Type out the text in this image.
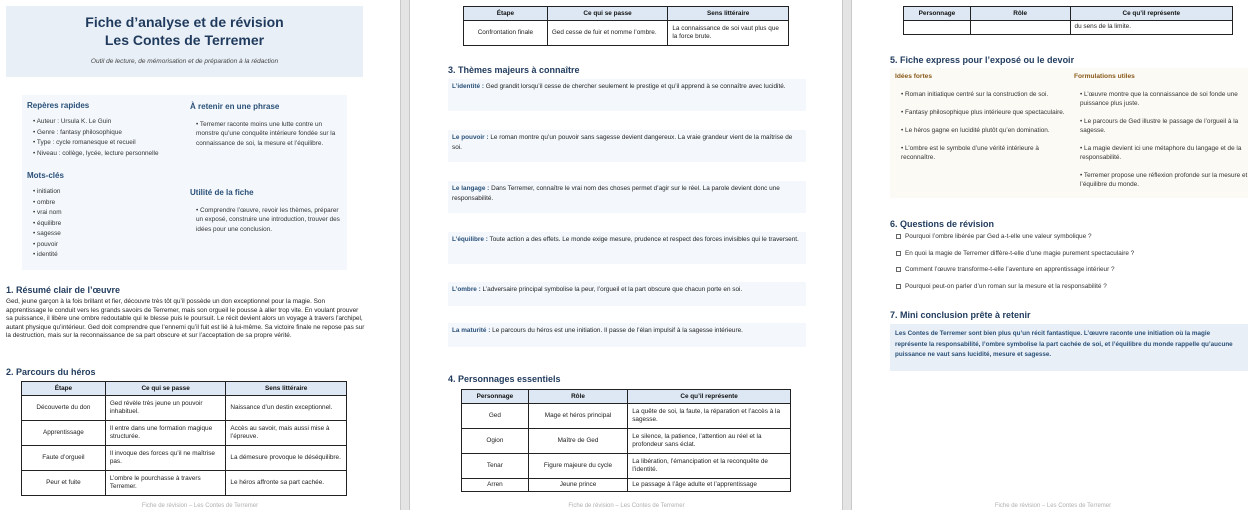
Fiche d’analyse et de révision
Les Contes de Terremer
Outil de lecture, de mémorisation et de préparation à la rédaction
Repères rapides
• Auteur : Ursula K. Le Guin
• Genre : fantasy philosophique
• Type : cycle romanesque et recueil
• Niveau : collège, lycée, lecture personnelle
À retenir en une phrase

• Terremer raconte moins une lutte contre un monstre qu’une conquête intérieure fondée sur la connaissance de soi, la mesure et l’équilibre.

Mots-clés
• initiation
• ombre
• vrai nom
• équilibre
• sagesse
• pouvoir
• identité
Utilité de la fiche

• Comprendre l’œuvre, revoir les thèmes, préparer un exposé, construire une introduction, trouver des idées pour une conclusion.

1. Résumé clair de l’œuvre

Ged, jeune garçon à la fois brillant et fier, découvre très tôt qu’il possède un don exceptionnel pour la magie. Son apprentissage le conduit vers les grands savoirs de Terremer, mais son orgueil le pousse à aller trop vite. En voulant prouver sa puissance, il libère une ombre redoutable qui le blesse puis le poursuit. Le récit devient alors un voyage à travers l’archipel, autant physique qu’intérieur. Ged doit comprendre que l’ennemi qu’il fuit est lié à lui-même. Sa victoire finale ne repose pas sur la destruction, mais sur la reconnaissance de sa part obscure et sur l’acceptation de sa propre vérité.

2. Parcours du héros
Étape	Ce qui se passe	Sens littéraire
Découverte du don	Ged révèle très jeune un pouvoir inhabituel.	Naissance d’un destin exceptionnel.
Apprentissage	Il entre dans une formation magique structurée.	Accès au savoir, mais aussi mise à l’épreuve.
Faute d’orgueil	Il invoque des forces qu’il ne maîtrise pas.	La démesure provoque le déséquilibre.
Peur et fuite	L’ombre le pourchasse à travers Terremer.	Le héros affronte sa part cachée.
Fiche de révision – Les Contes de Terremer
Étape	Ce qui se passe	Sens littéraire
Confrontation finale	Ged cesse de fuir et nomme l’ombre.	La connaissance de soi vaut plus que la force brute.
3. Thèmes majeurs à connaître
L’identité : Ged grandit lorsqu’il cesse de chercher seulement le prestige et qu’il apprend à se connaître avec lucidité.
Le pouvoir : Le roman montre qu’un pouvoir sans sagesse devient dangereux. La vraie grandeur vient de la maîtrise de soi.
Le langage : Dans Terremer, connaître le vrai nom des choses permet d’agir sur le réel. La parole devient donc une responsabilité.
L’équilibre : Toute action a des effets. Le monde exige mesure, prudence et respect des forces invisibles qui le traversent.
L’ombre : L’adversaire principal symbolise la peur, l’orgueil et la part obscure que chacun porte en soi.
La maturité : Le parcours du héros est une initiation. Il passe de l’élan impulsif à la sagesse intérieure.
4. Personnages essentiels
Personnage	Rôle	Ce qu’il représente
Ged	Mage et héros principal	La quête de soi, la faute, la réparation et l’accès à la sagesse.
Ogion	Maître de Ged	Le silence, la patience, l’attention au réel et la profondeur sans éclat.
Tenar	Figure majeure du cycle	La libération, l’émancipation et la reconquête de l’identité.
Arren	Jeune prince	Le passage à l’âge adulte et l’apprentissage
Fiche de révision – Les Contes de Terremer
Personnage	Rôle	Ce qu’il représente
		du sens de la limite.
5. Fiche express pour l’exposé ou le devoir
Idées fortes
• Roman initiatique centré sur la construction de soi.
• Fantasy philosophique plus intérieure que spectaculaire.
• Le héros gagne en lucidité plutôt qu’en domination.
• L’ombre est le symbole d’une vérité intérieure à reconnaître.
Formulations utiles
• L’œuvre montre que la connaissance de soi fonde une puissance plus juste.
• Le parcours de Ged illustre le passage de l’orgueil à la sagesse.
• La magie devient ici une métaphore du langage et de la responsabilité.
• Terremer propose une réflexion profonde sur la mesure et l’équilibre du monde.
6. Questions de révision
Pourquoi l’ombre libérée par Ged a-t-elle une valeur symbolique ?
En quoi la magie de Terremer diffère-t-elle d’une magie purement spectaculaire ?
Comment l’œuvre transforme-t-elle l’aventure en apprentissage intérieur ?
Pourquoi peut-on parler d’un roman sur la mesure et la responsabilité ?
7. Mini conclusion prête à retenir
Les Contes de Terremer sont bien plus qu’un récit fantastique. L’œuvre raconte une initiation où la magie représente la responsabilité, l’ombre symbolise la part cachée de soi, et l’équilibre du monde rappelle qu’aucune puissance ne vaut sans lucidité, mesure et sagesse.
Fiche de révision – Les Contes de Terremer
